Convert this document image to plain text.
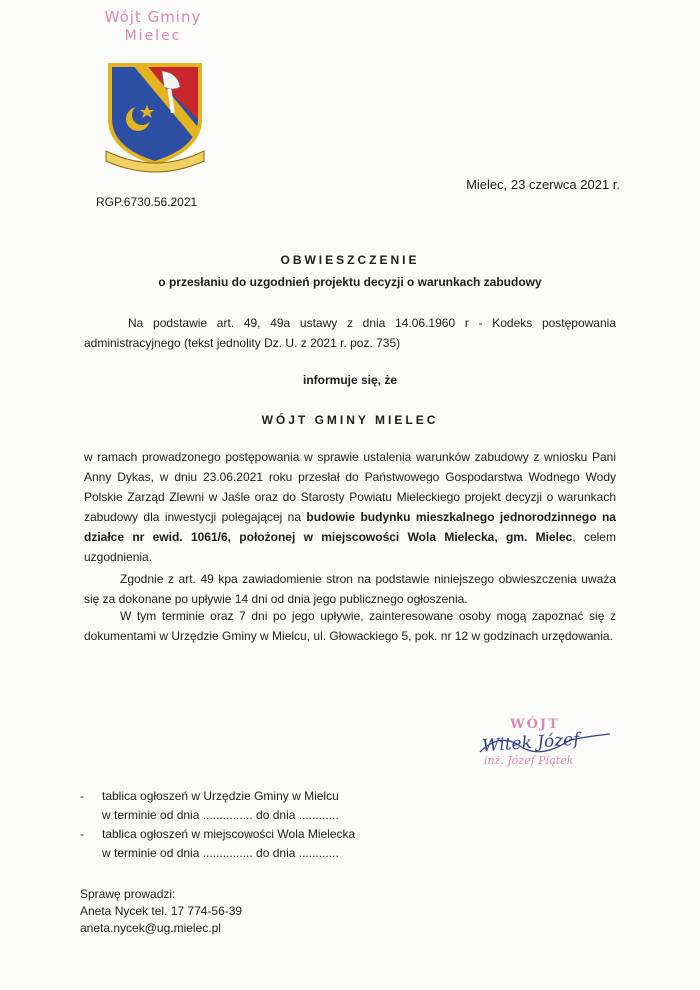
Wójt Gminy
Mielec
Mielec, 23 czerwca 2021 r.
RGP.6730.56.2021
OBWIESZCZENIE
o przesłaniu do uzgodnień projektu decyzji o warunkach zabudowy
Na podstawie art. 49, 49a ustawy z dnia 14.06.1960 r - Kodeks postępowania administracyjnego (tekst jednolity Dz. U. z 2021 r. poz. 735)
informuje się, że
WÓJT GMINY MIELEC
w ramach prowadzonego postępowania w sprawie ustalenia warunków zabudowy z wniosku Pani Anny Dykas, w dniu 23.06.2021 roku przesłał do Państwowego Gospodarstwa Wodnego Wody Polskie Zarząd Zlewni w Jaśle oraz do Starosty Powiatu Mieleckiego projekt decyzji o warunkach zabudowy dla inwestycji polegającej na budowie budynku mieszkalnego jednorodzinnego na działce nr ewid. 1061/6, położonej w miejscowości Wola Mielecka, gm. Mielec, celem uzgodnienia.
Zgodnie z art. 49 kpa zawiadomienie stron na podstawie niniejszego obwieszczenia uważa się za dokonane po upływie 14 dni od dnia jego publicznego ogłoszenia.
W tym terminie oraz 7 dni po jego upływie, zainteresowane osoby mogą zapoznać się z dokumentami w Urzędzie Gminy w Mielcu, ul. Głowackiego 5, pok. nr 12 w godzinach urzędowania.
WÓJT
inż. Józef Piątek
Witek Józef
- tablica ogłoszeń w Urzędzie Gminy w Mielcu
w terminie od dnia ............... do dnia ............
- tablica ogłoszeń w miejscowości Wola Mielecka
w terminie od dnia ............... do dnia ............
Sprawę prowadzi:
Aneta Nycek tel. 17 774-56-39
aneta.nycek@ug.mielec.pl
